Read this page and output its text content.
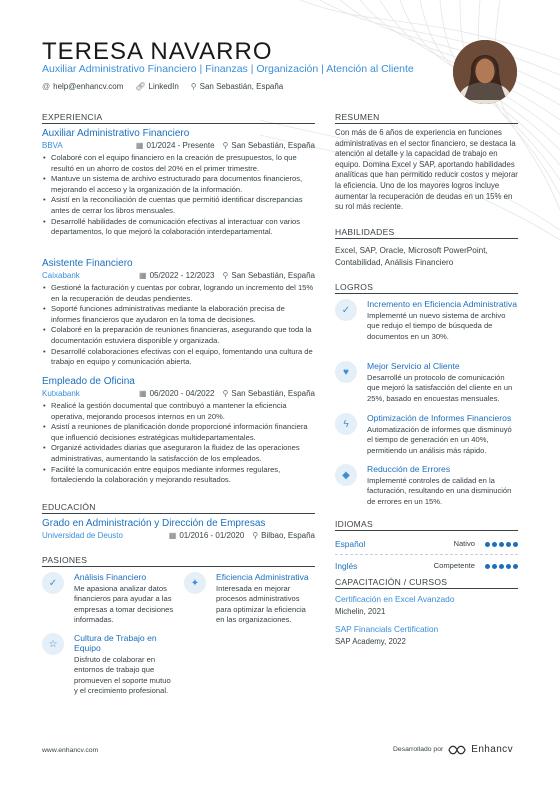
TERESA NAVARRO
Auxiliar Administrativo Financiero | Finanzas | Organización | Atención al Cliente
@ help@enhancv.com 🔗︎ LinkedIn ⚲ San Sebastián, España
EXPERIENCIA
Auxiliar Administrativo Financiero
BBVA	▦ 01/2024 - Presente ⚲ San Sebastián, España
• Colaboré con el equipo financiero en la creación de presupuestos, lo que resultó en un ahorro de costos del 20% en el primer trimestre.
• Mantuve un sistema de archivo estructurado para documentos financieros, mejorando el acceso y la organización de la información.
• Asistí en la reconciliación de cuentas que permitió identificar discrepancias antes de cerrar los libros mensuales.
• Desarrollé habilidades de comunicación efectivas al interactuar con varios departamentos, lo que mejoró la colaboración interdepartamental.
Asistente Financiero
Caixabank	▦ 05/2022 - 12/2023 ⚲ San Sebastián, España
• Gestioné la facturación y cuentas por cobrar, logrando un incremento del 15% en la recuperación de deudas pendientes.
• Soporté funciones administrativas mediante la elaboración precisa de informes financieros que ayudaron en la toma de decisiones.
• Colaboré en la preparación de reuniones financieras, asegurando que toda la documentación estuviera disponible y organizada.
• Desarrollé colaboraciones efectivas con el equipo, fomentando una cultura de trabajo en equipo y comunicación abierta.
Empleado de Oficina
Kutxabank	▦ 06/2020 - 04/2022 ⚲ San Sebastián, España
• Realicé la gestión documental que contribuyó a mantener la eficiencia operativa, mejorando procesos internos en un 20%.
• Asistí a reuniones de planificación donde proporcioné información financiera que influenció decisiones estratégicas multidepartamentales.
• Organizé actividades diarias que aseguraron la fluidez de las operaciones administrativas, aumentando la satisfacción de los empleados.
• Facilité la comunicación entre equipos mediante informes regulares, fortaleciendo la colaboración y mejorando resultados.
EDUCACIÓN
Grado en Administración y Dirección de Empresas
Universidad de Deusto	▦ 01/2016 - 01/2020 ⚲ Bilbao, España
PASIONES
✓
Análisis Financiero
Me apasiona analizar datos financieros para ayudar a las empresas a tomar decisiones informadas.
✦
Eficiencia Administrativa
Interesada en mejorar procesos administrativos para optimizar la eficiencia en las organizaciones.
☆
Cultura de Trabajo en Equipo
Disfruto de colaborar en entornos de trabajo que promueven el soporte mutuo y el crecimiento profesional.
RESUMEN
Con más de 6 años de experiencia en funciones administrativas en el sector financiero, se destaca la atención al detalle y la capacidad de trabajo en equipo. Domina Excel y SAP, aportando habilidades analíticas que han permitido reducir costos y mejorar la eficiencia. Uno de los mayores logros incluye aumentar la recuperación de deudas en un 15% en su rol más reciente.
HABILIDADES
Excel, SAP, Oracle, Microsoft PowerPoint, Contabilidad, Análisis Financiero
LOGROS
✓
Incremento en Eficiencia Administrativa
Implementé un nuevo sistema de archivo que redujo el tiempo de búsqueda de documentos en un 30%.
♥
Mejor Servicio al Cliente
Desarrollé un protocolo de comunicación que mejoró la satisfacción del cliente en un 25%, basado en encuestas mensuales.
ϟ
Optimización de Informes Financieros
Automatización de informes que disminuyó el tiempo de generación en un 40%, permitiendo un análisis más rápido.
◆
Reducción de Errores
Implementé controles de calidad en la facturación, resultando en una disminución de errores en un 15%.
IDIOMAS
Español	Nativo
Inglés	Competente
CAPACITACIÓN / CURSOS
Certificación en Excel Avanzado
Michelin, 2021
SAP Financials Certification
SAP Academy, 2022
www.enhancv.com	Desarrollado por	Enhancv
